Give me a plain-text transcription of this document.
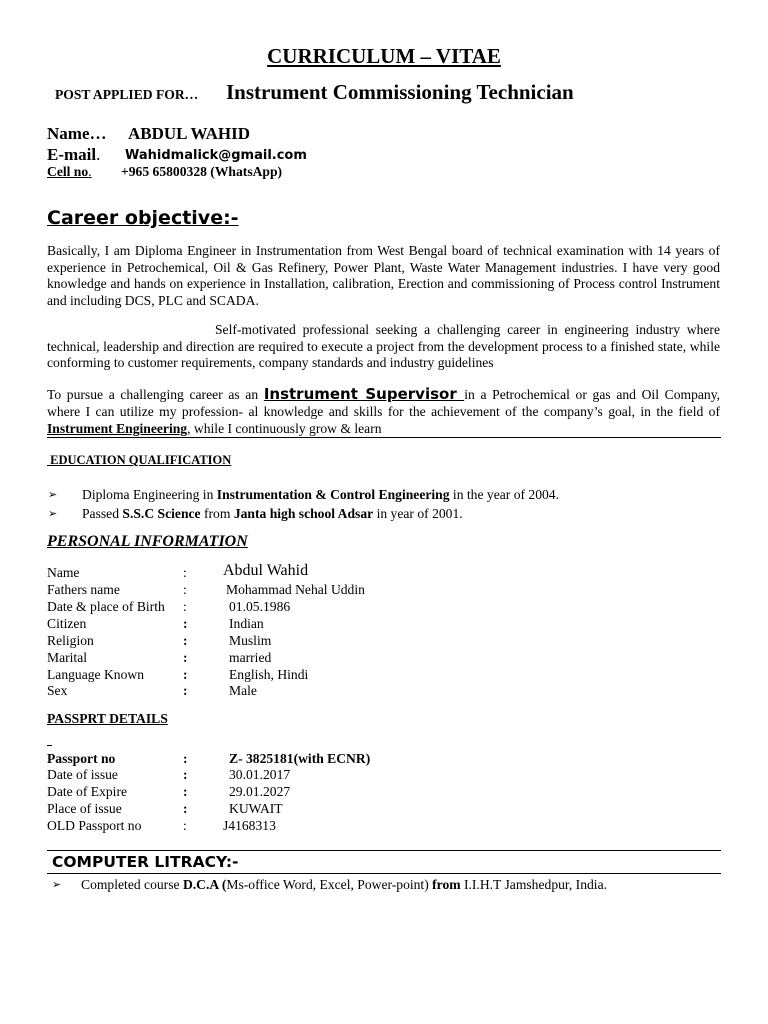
CURRICULUM – VITAE
POST APPLIED FOR… Instrument Commissioning Technician
Name… ABDUL WAHID
E-mail. Wahidmalick@gmail.com
Cell no. +965 65800328 (WhatsApp)
Career objective:-
Basically, I am Diploma Engineer in Instrumentation from West Bengal board of technical examination with 14 years of experience in Petrochemical, Oil & Gas Refinery, Power Plant, Waste Water Management industries. I have very good knowledge and hands on experience in Installation, calibration, Erection and commissioning of Process control Instrument and including DCS, PLC and SCADA.
Self-motivated professional seeking a challenging career in engineering industry where technical, leadership and direction are required to execute a project from the development process to a finished state, while conforming to customer requirements, company standards and industry guidelines
To pursue a challenging career as an Instrument Supervisor in a Petrochemical or gas and Oil Company, where I can utilize my profession- al knowledge and skills for the achievement of the company’s goal, in the field of Instrument Engineering, while I continuously grow & learn
EDUCATION QUALIFICATION
➢ Diploma Engineering in Instrumentation & Control Engineering in the year of 2004.
➢ Passed S.S.C Science from Janta high school Adsar in year of 2001.
PERSONAL INFORMATION
Name	: Abdul Wahid
Fathers name	:	Mohammad Nehal Uddin
Date & place of Birth :	01.05.1986
Citizen	:	Indian
Religion	:	Muslim
Marital	:	married
Language Known	:	English, Hindi
Sex	:	Male
PASSPRT DETAILS
Passport no	:	Z- 3825181(with ECNR)
Date of issue	:	30.01.2017
Date of Expire	:	29.01.2027
Place of issue	:	KUWAIT
OLD Passport no	:	J4168313
COMPUTER LITRACY:-
➢ Completed course D.C.A (Ms-office Word, Excel, Power-point) from I.I.H.T Jamshedpur, India.
